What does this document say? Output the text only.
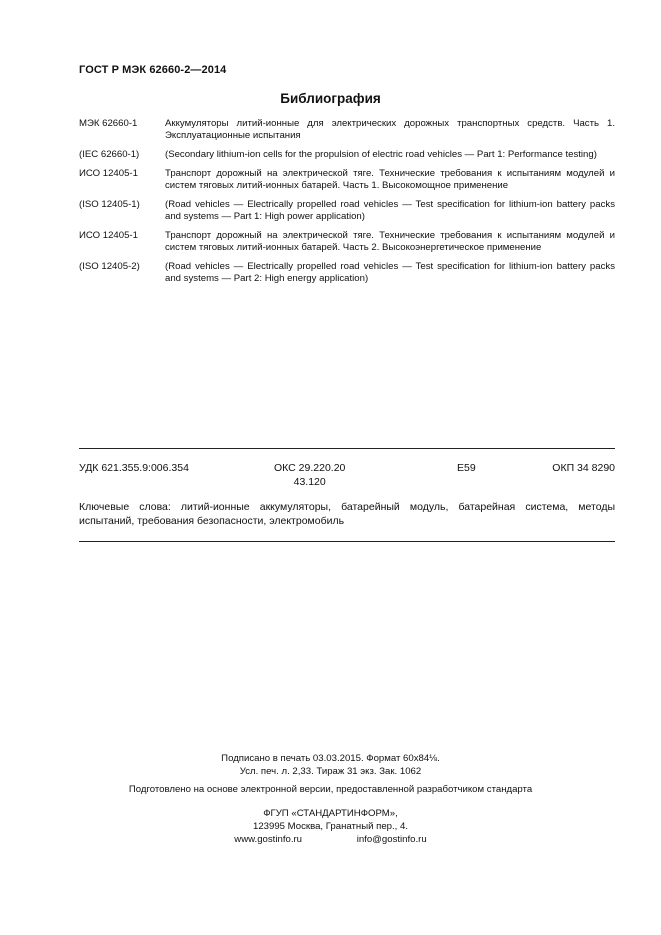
ГОСТ Р МЭК 62660-2—2014
Библиография
МЭК 62660-1	Аккумуляторы литий-ионные для электрических дорожных транспортных средств. Часть 1. Эксплуатационные испытания
(IEC 62660-1)	(Secondary lithium-ion cells for the propulsion of electric road vehicles — Part 1: Performance testing)
ИСО 12405-1	Транспорт дорожный на электрической тяге. Технические требования к испытаниям модулей и систем тяговых литий-ионных батарей. Часть 1. Высокомощное применение
(ISO 12405-1)	(Road vehicles — Electrically propelled road vehicles — Test specification for lithium-ion battery packs and systems — Part 1: High power application)
ИСО 12405-1	Транспорт дорожный на электрической тяге. Технические требования к испытаниям модулей и систем тяговых литий-ионных батарей. Часть 2. Высокоэнергетическое применение
(ISO 12405-2)	(Road vehicles — Electrically propelled road vehicles — Test specification for lithium-ion battery packs and systems — Part 2: High energy application)
УДК 621.355.9:006.354	ОКС 29.220.20
43.120
Е59	ОКП 34 8290
Ключевые слова: литий-ионные аккумуляторы, батарейный модуль, батарейная система, методы испытаний, требования безопасности, электромобиль
Подписано в печать 03.03.2015. Формат 60х84⅛.
Усл. печ. л. 2,33. Тираж 31 экз. Зак. 1062
Подготовлено на основе электронной версии, предоставленной разработчиком стандарта
ФГУП «СТАНДАРТИНФОРМ»,
123995 Москва, Гранатный пер., 4.
www.gostinfo.ru	info@gostinfo.ru
